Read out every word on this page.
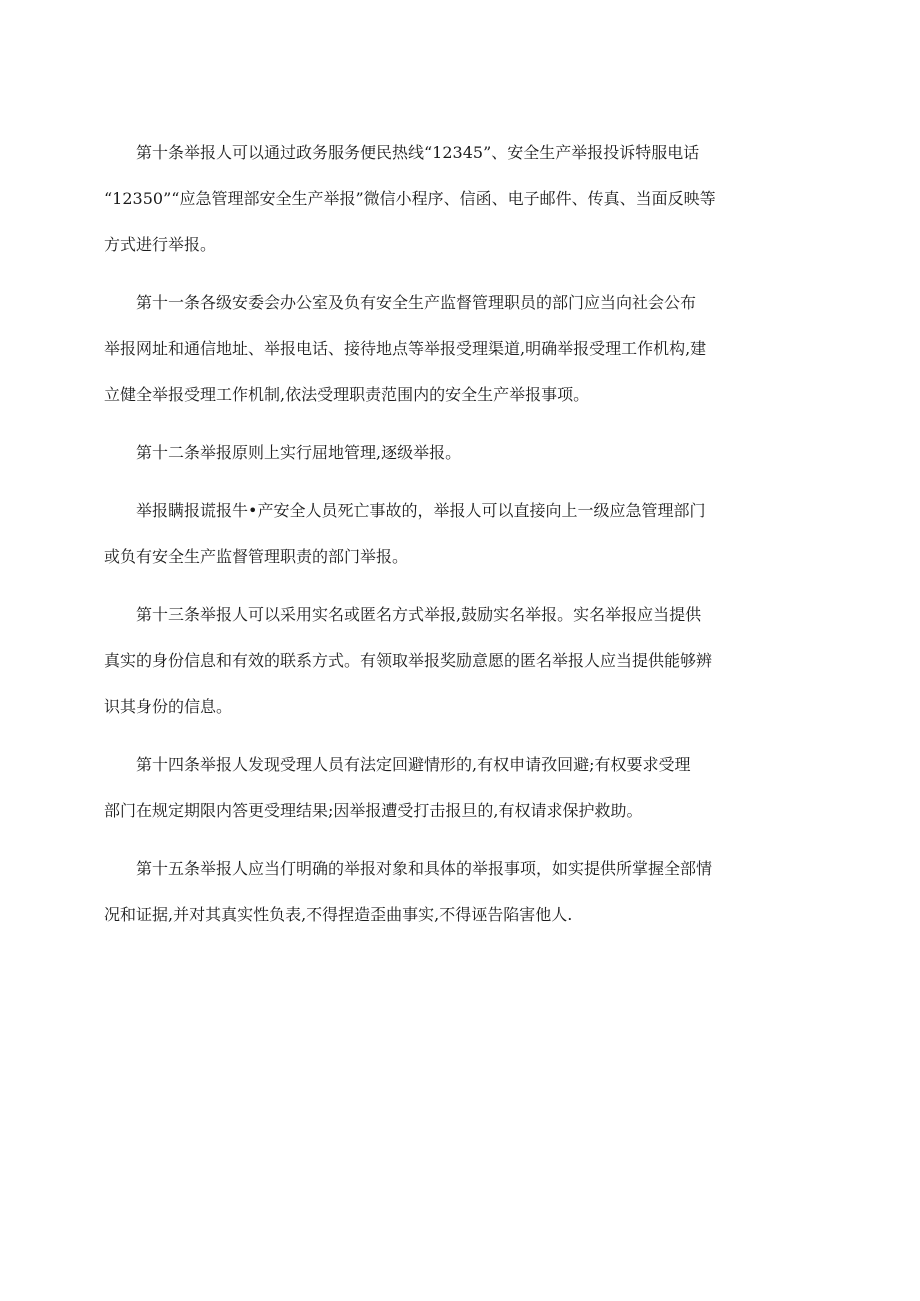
第十条举报人可以通过政务服务便民热线“12345”、安全生产举报投诉特服电话
“12350”“应急管理部安全生产举报”微信小程序、信函、电子邮件、传真、当面反映等
方式进行举报。

第十一条各级安委会办公室及负有安全生产监督管理职员的部门应当向社会公布
举报网址和通信地址、举报电话、接待地点等举报受理渠道,明确举报受理工作机构,建
立健全举报受理工作机制,依法受理职责范围内的安全生产举报事项。

第十二条举报原则上实行屈地管理,逐级举报。

举报瞒报谎报牛•产安全人员死亡事故的，举报人可以直接向上一级应急管理部门
或负有安全生产监督管理职责的部门举报。

第十三条举报人可以采用实名或匿名方式举报,鼓励实名举报。实名举报应当提供
真实的身份信息和有效的联系方式。有领取举报奖励意愿的匿名举报人应当提供能够辨
识其身份的信息。

第十四条举报人发现受理人员有法定回避情形的,有权申请孜回避;有权要求受理
部门在规定期限内答更受理结果;因举报遭受打击报旦的,有权请求保护救助。

第十五条举报人应当仃明确的举报对象和具体的举报事项，如实提供所掌握全部情
况和证据,并对其真实性负表,不得捏造歪曲事实,不得诬告陷害他人.
